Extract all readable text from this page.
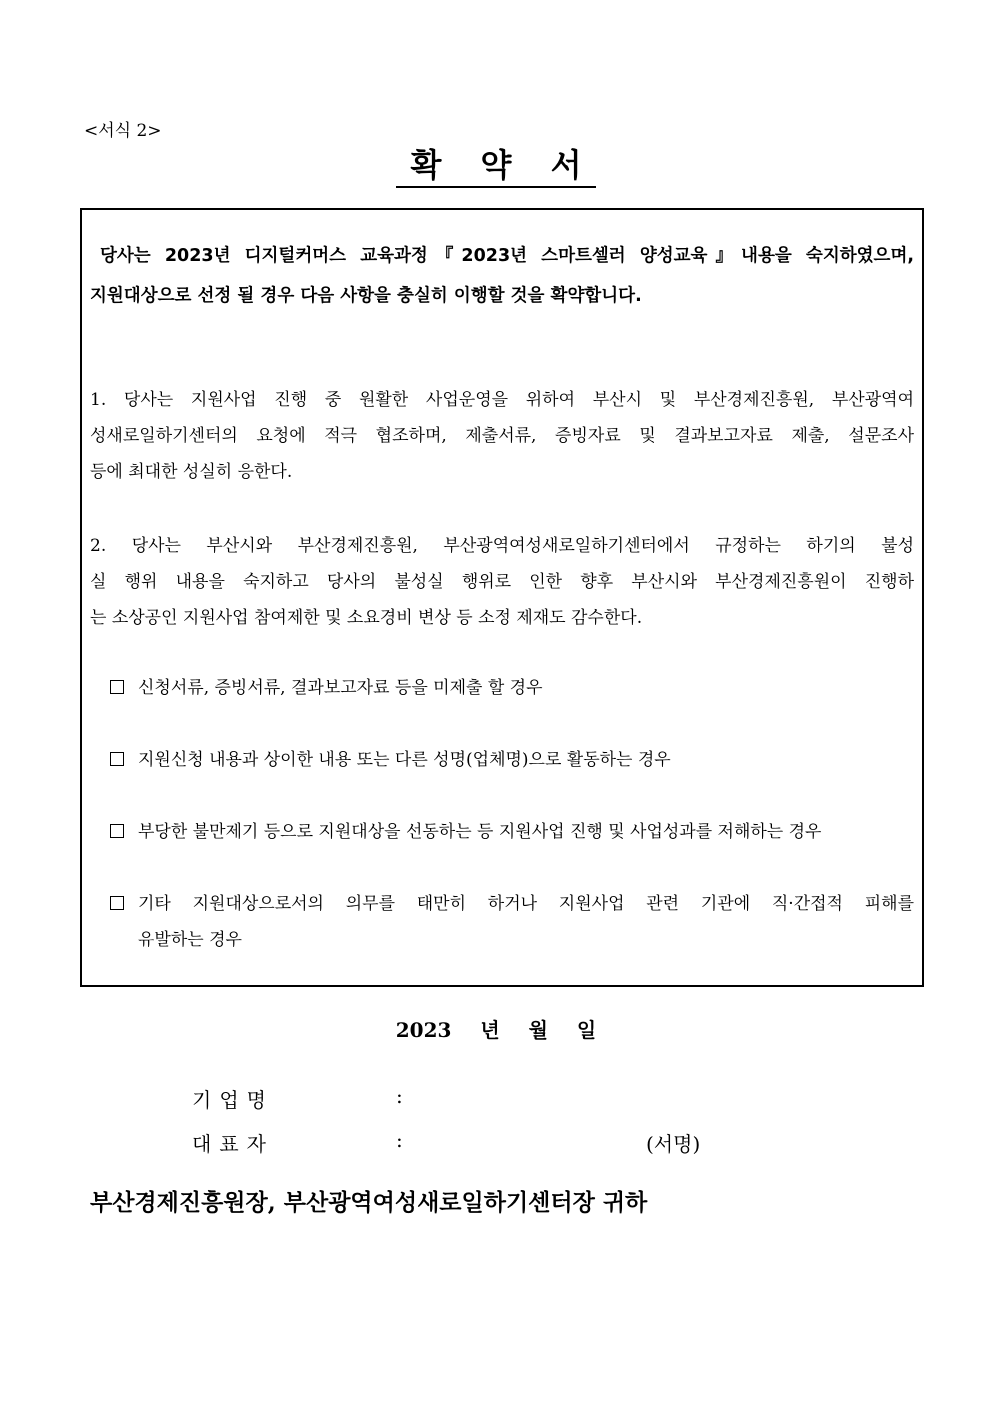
<서식 2>
확 약 서

당사는 2023년 디지털커머스 교육과정『2023년 스마트셀러 양성교육』내용을 숙지하였으며,

지원대상으로 선정 될 경우 다음 사항을 충실히 이행할 것을 확약합니다.

1. 당사는 지원사업 진행 중 원활한 사업운영을 위하여 부산시 및 부산경제진흥원, 부산광역여

성새로일하기센터의 요청에 적극 협조하며, 제출서류, 증빙자료 및 결과보고자료 제출, 설문조사

등에 최대한 성실히 응한다.

2. 당사는 부산시와 부산경제진흥원, 부산광역여성새로일하기센터에서 규정하는 하기의 불성

실 행위 내용을 숙지하고 당사의 불성실 행위로 인한 향후 부산시와 부산경제진흥원이 진행하

는 소상공인 지원사업 참여제한 및 소요경비 변상 등 소정 제재도 감수한다.

신청서류, 증빙서류, 결과보고자료 등을 미제출 할 경우
지원신청 내용과 상이한 내용 또는 다른 성명(업체명)으로 활동하는 경우
부당한 불만제기 등으로 지원대상을 선동하는 등 지원사업 진행 및 사업성과를 저해하는 경우
기타 지원대상으로서의 의무를 태만히 하거나 지원사업 관련 기관에 직·간접적 피해를
유발하는 경우
2023 년 월 일
기업명	:
대표자	:	(서명)
부산경제진흥원장, 부산광역여성새로일하기센터장 귀하
